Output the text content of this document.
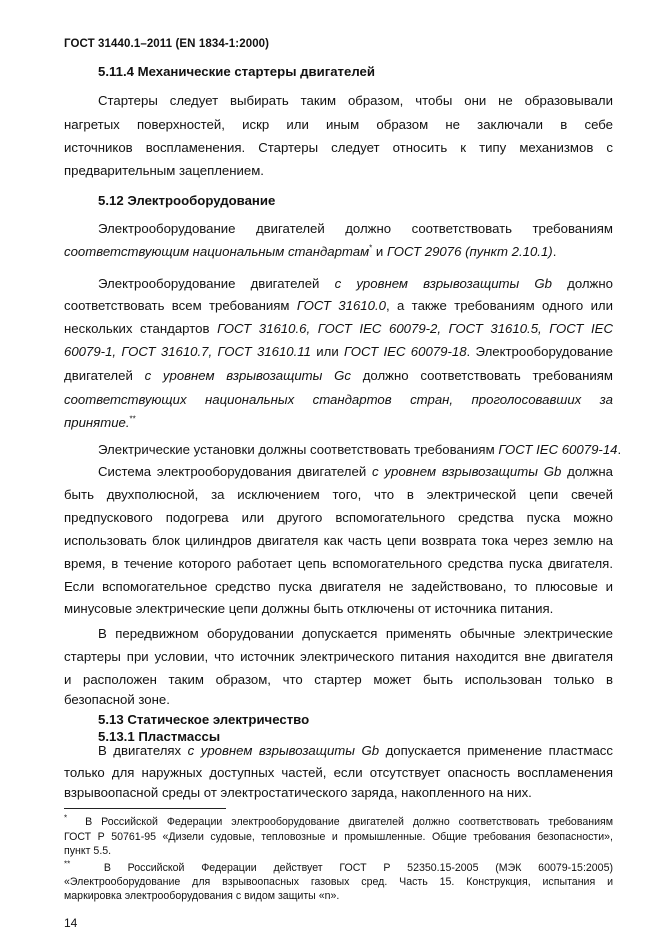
ГОСТ 31440.1–2011 (EN 1834-1:2000)
5.11.4 Механические стартеры двигателей
Стартеры следует выбирать таким образом, чтобы они не образовывали
нагретых поверхностей, искр или иным образом не заключали в себе
источников воспламенения. Стартеры следует относить к типу механизмов с
предварительным зацеплением.
5.12 Электрооборудование
Электрооборудование двигателей должно соответствовать требованиям
соответствующим национальным стандартам* и ГОСТ 29076 (пункт 2.10.1).
Электрооборудование двигателей с уровнем взрывозащиты Gb должно
соответствовать всем требованиям ГОСТ 31610.0, а также требованиям одного или
нескольких стандартов ГОСТ 31610.6, ГОСТ IEC 60079-2, ГОСТ 31610.5, ГОСТ IEC
60079-1, ГОСТ 31610.7, ГОСТ 31610.11 или ГОСТ IEC 60079-18. Электрооборудование
двигателей с уровнем взрывозащиты Gc должно соответствовать требованиям
соответствующих национальных стандартов стран, проголосовавших за
принятие.**
Электрические установки должны соответствовать требованиям ГОСТ IEC 60079-14.
Система электрооборудования двигателей с уровнем взрывозащиты Gb должна
быть двухполюсной, за исключением того, что в электрической цепи свечей
предпускового подогрева или другого вспомогательного средства пуска можно
использовать блок цилиндров двигателя как часть цепи возврата тока через землю на
время, в течение которого работает цепь вспомогательного средства пуска двигателя.
Если вспомогательное средство пуска двигателя не задействовано, то плюсовые и
минусовые электрические цепи должны быть отключены от источника питания.
В передвижном оборудовании допускается применять обычные электрические
стартеры при условии, что источник электрического питания находится вне двигателя
и расположен таким образом, что стартер может быть использован только в
безопасной зоне.
5.13 Статическое электричество
5.13.1 Пластмассы
В двигателях с уровнем взрывозащиты Gb допускается применение пластмасс
только для наружных доступных частей, если отсутствует опасность воспламенения
взрывоопасной среды от электростатического заряда, накопленного на них.
* В Российской Федерации электрооборудование двигателей должно соответствовать требованиям
ГОСТ Р 50761-95 «Дизели судовые, тепловозные и промышленные. Общие требования безопасности»,
пункт 5.5.
**	В Российской Федерации действует ГОСТ Р 52350.15-2005 (МЭК 60079-15:2005)
«Электрооборудование для взрывоопасных газовых сред. Часть 15. Конструкция, испытания и
маркировка электрооборудования с видом защиты «n».
14
